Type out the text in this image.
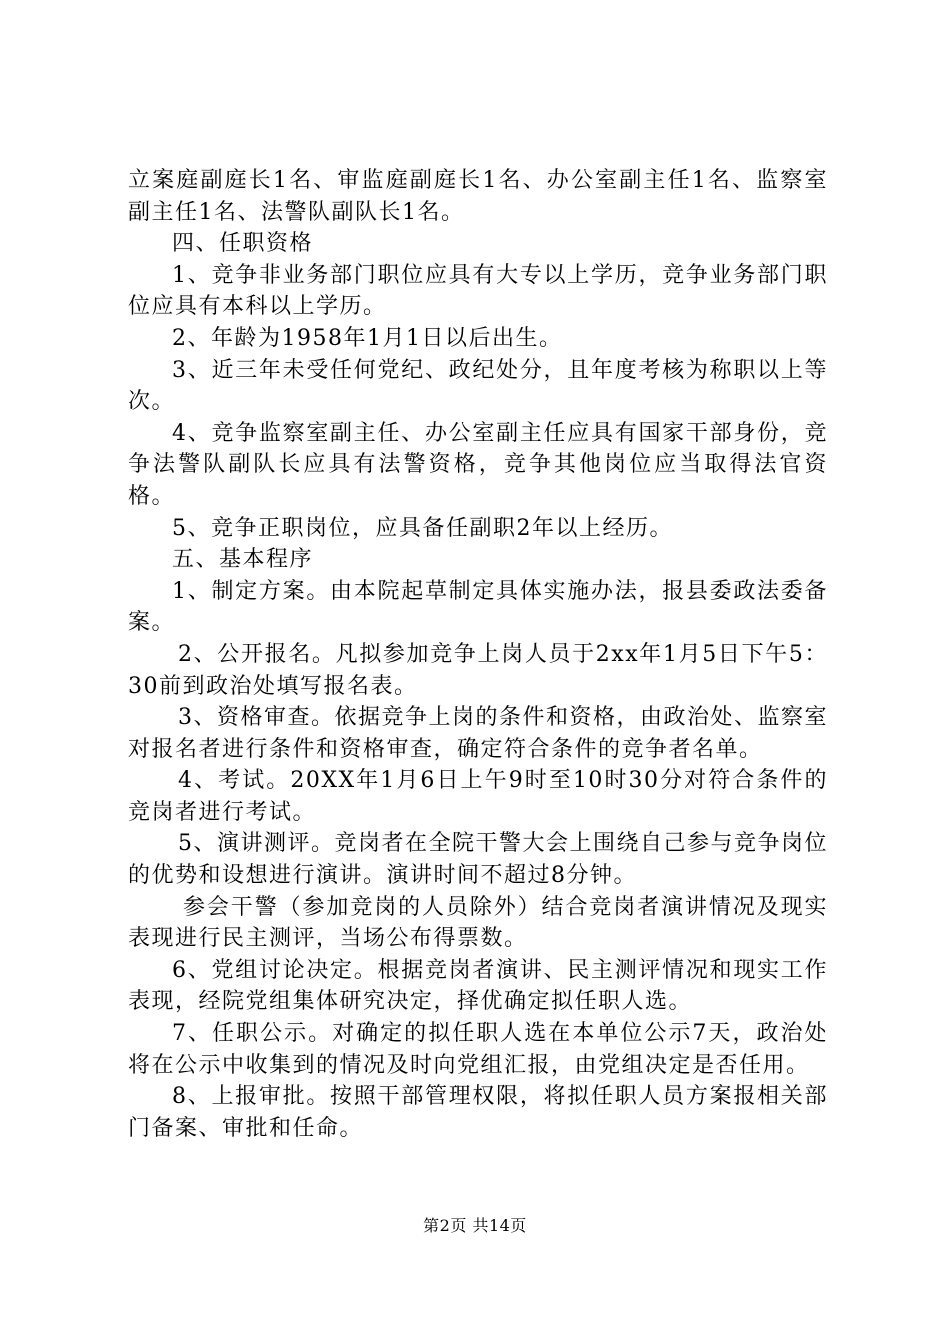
立案庭副庭长1名、审监庭副庭长1名、办公室副主任1名、监察室副主任1名、法警队副队长1名。

四、任职资格

1、竞争非业务部门职位应具有大专以上学历，竞争业务部门职位应具有本科以上学历。

2、年龄为1958年1月1日以后出生。

3、近三年未受任何党纪、政纪处分，且年度考核为称职以上等次。

4、竞争监察室副主任、办公室副主任应具有国家干部身份，竞争法警队副队长应具有法警资格，竞争其他岗位应当取得法官资格。

5、竞争正职岗位，应具备任副职2年以上经历。

五、基本程序

1、制定方案。由本院起草制定具体实施办法，报县委政法委备案。

2、公开报名。凡拟参加竞争上岗人员于2xx年1月5日下午5：30前到政治处填写报名表。

3、资格审查。依据竞争上岗的条件和资格，由政治处、监察室对报名者进行条件和资格审查，确定符合条件的竞争者名单。

4、考试。20XX年1月6日上午9时至10时30分对符合条件的竞岗者进行考试。

5、演讲测评。竞岗者在全院干警大会上围绕自己参与竞争岗位的优势和设想进行演讲。演讲时间不超过8分钟。

参会干警（参加竞岗的人员除外）结合竞岗者演讲情况及现实表现进行民主测评，当场公布得票数。

6、党组讨论决定。根据竞岗者演讲、民主测评情况和现实工作表现，经院党组集体研究决定，择优确定拟任职人选。

7、任职公示。对确定的拟任职人选在本单位公示7天，政治处将在公示中收集到的情况及时向党组汇报，由党组决定是否任用。

8、上报审批。按照干部管理权限，将拟任职人员方案报相关部门备案、审批和任命。

第2页 共14页
